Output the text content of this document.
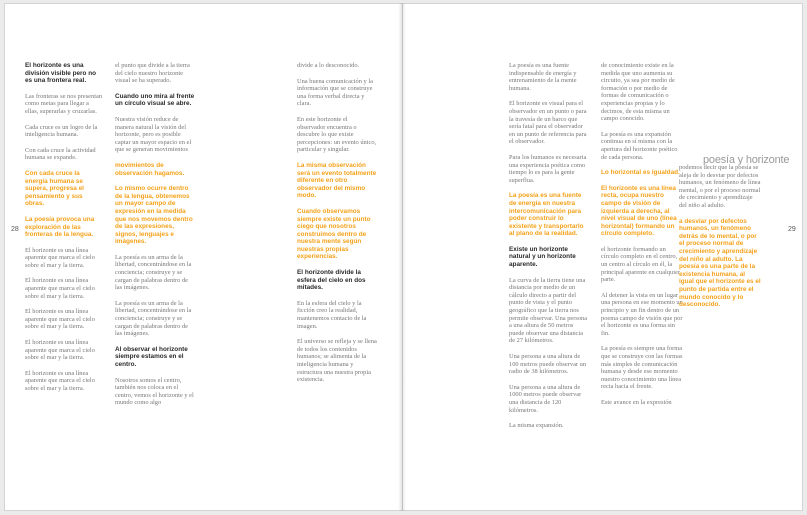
El horizonte es una división visible pero no es una frontera real.

Las fronteras se nos presentan como metas para llegar a ellas, superarlas y cruzarlas.

Cada cruce es un logro de la inteligencia humana.

Con cada cruce la actividad humana se expande.

Con cada cruce la energía humana se supera, progresa el pensamiento y sus obras.

La poesía provoca una exploración de las fronteras de la lengua.

El horizonte es una línea aparente que marca el cielo sobre el mar y la tierra.

El horizonte es una línea aparente que marca el cielo sobre el mar y la tierra.

El horizonte es una línea aparente que marca el cielo sobre el mar y la tierra.

El horizonte es una línea aparente que marca el cielo sobre el mar y la tierra.

El horizonte es una línea aparente que marca el cielo sobre el mar y la tierra.

el punto que divide a la tierra del cielo nuestro horizonte visual se ha superado.

Cuando uno mira al frente un círculo visual se abre.

Nuestra visión reduce de manera natural la visión del horizonte, pero es posible captar un mayor espacio en el que se generan movimientos

movimientos de observación hagamos.

Lo mismo ocurre dentro de la lengua, obtenemos un mayor campo de expresión en la medida que nos movemos dentro de las expresiones, signos, lenguajes e imágenes.

La poesía es un arma de la libertad, concentrándose en la conciencia; construye y se cargan de palabras dentro de las imágenes.

La poesía es un arma de la libertad, concentrándose en la conciencia; construye y se cargan de palabras dentro de las imágenes.

Al observar el horizonte siempre estamos en el centro.

Nosotros somos el centro, también nos coloca en el centro, vemos el horizonte y el mundo como algo

divide a lo desconocido.

Una buena comunicación y la información que se construye una forma verbal directa y clara.

En este horizonte el observador encuentra o descubre lo que existe percepciones: un evento único, particular y singular.

La misma observación será un evento totalmente diferente en otro observador del mismo modo.

Cuando observamos siempre existe un punto ciego que nosotros construimos dentro de nuestra mente según nuestras propias experiencias.

El horizonte divide la esfera del cielo en dos mitades.

En la esfera del cielo y la ficción creo la realidad, mantenemos contacto de la imagen.

El universo se refleja y se llena de todos los contenidos humanos; se alimenta de la inteligencia humana y estructura una nuestra propia existencia.

La poesía es una fuente indispensable de energía y entrenamiento de la mente humana.

El horizonte es visual para el observador en un punto o para la travesía de un barco que sería fatal para el observador en un punto de referencia para el observador.

Para los humanos es necesaria una experiencia poética como tiempo lo es para la gente superflua.

La poesía es una fuente de energía en nuestra intercomunicación para poder construir lo existente y transportarlo al plano de la realidad.

Existe un horizonte natural y un horizonte aparente.

La curva de la tierra tiene una distancia por medio de un cálculo directo a partir del punto de vista y el punto geográfico que la tierra nos permite observar. Una persona a una altura de 50 metros puede observar una distancia de 27 kilómetros.

Una persona a una altura de 100 metros puede observar un radio de 38 kilómetros.

Una persona a una altura de 1000 metros puede observar una distancia de 120 kilómetros.

La misma expansión.

de conocimiento existe en la medida que uno aumenta su circuito, ya sea por medio de formación o por medio de formas de comunicación o experiencias propias y lo decimos, de esta misma un campo conocido.

La poesía es una expansión continua en sí misma con la apertura del horizonte poético de cada persona.

Lo horizontal es igualdad.

El horizonte es una línea recta, ocupa nuestro campo de visión de izquierda a derecha, al nivel visual de uno (línea horizontal) formando un círculo completo.

el horizonte formando un círculo completo en el centro, un centro al círculo en él, la principal aparente en cualquier parte.

Al detener la vista en un lugar una persona en ese momento un principio y un fin dentro de un poema campo de visión que por el horizonte es una forma sin fin.

La poesía es siempre una forma que se construye con las formas más simples de comunicación humana y desde ese momento nuestro conocimiento una línea recta hacia el frente.

Este avance en la expresión

podemos decir que la poesía se aleja de lo desviar por defectos humanos, un fenómeno de línea mental, o por el proceso normal de crecimiento y aprendizaje del niño al adulto.

a desviar por defectos humanos, un fenómeno detrás de lo mental, o por el proceso normal de crecimiento y aprendizaje del niño al adulto. La poesía es una parte de la existencia humana, al igual que el horizonte es el punto de partida entre el mundo conocido y lo desconocido.

poesía y horizonte
28	29
